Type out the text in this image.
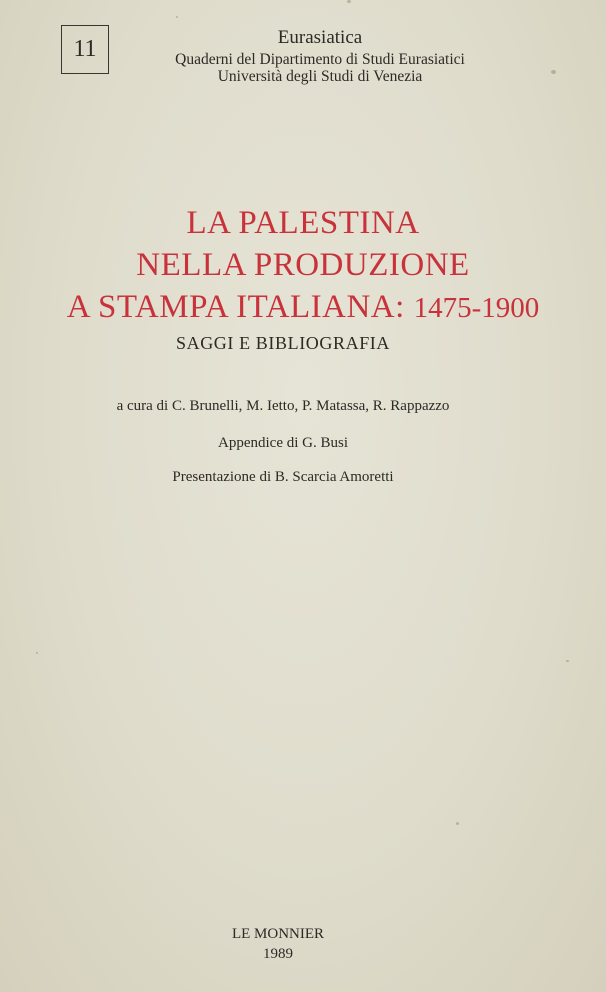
11	Eurasiatica
Quaderni del Dipartimento di Studi Eurasiatici
Università degli Studi di Venezia
LA PALESTINA
NELLA PRODUZIONE
A STAMPA ITALIANA: 1475-1900
SAGGI E BIBLIOGRAFIA
a cura di C. Brunelli, M. Ietto, P. Matassa, R. Rappazzo
Appendice di G. Busi
Presentazione di B. Scarcia Amoretti
LE MONNIER
1989
